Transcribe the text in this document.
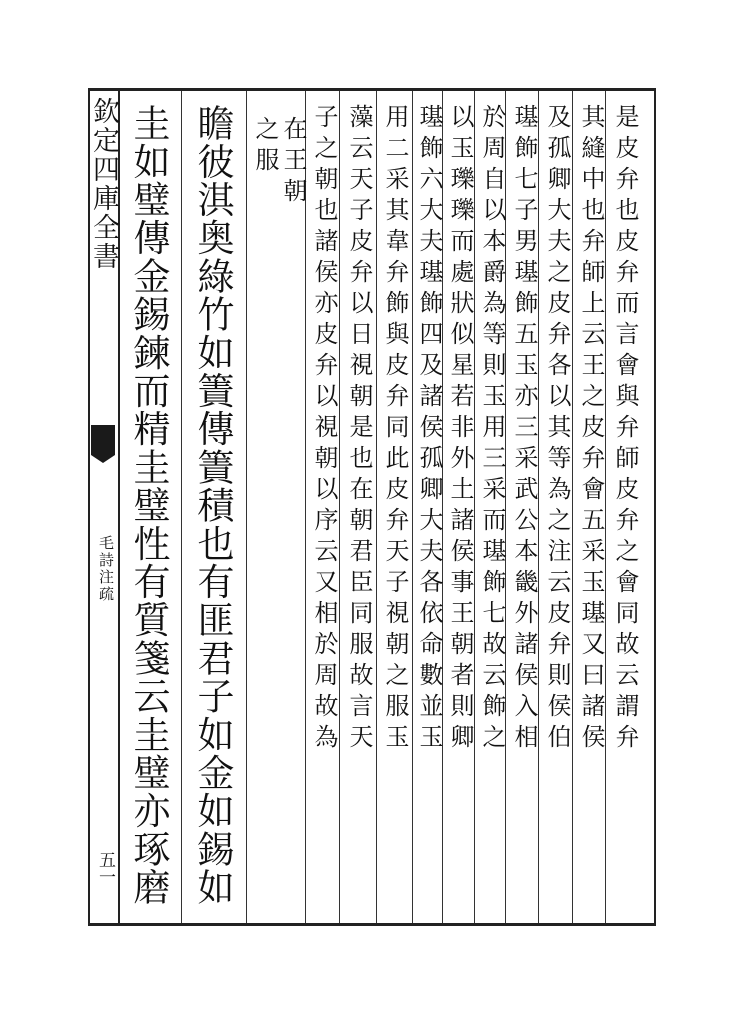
欽定四庫全書
毛詩注疏
五一 圭如璧傳金錫鍊而精圭璧性有質箋云圭璧亦琢磨 瞻彼淇奥綠竹如簀傳簀積也有匪君子如金如錫如 在王朝
之服 子之朝也諸侯亦皮弁以視朝以序云又相於周故為 藻云天子皮弁以日視朝是也在朝君臣同服故言天 用二采其韋弁飾與皮弁同此皮弁天子視朝之服玉 璂飾六大夫璂飾四及諸侯孤卿大夫各依命數並玉 以玉瓅瓅而處狀似星若非外土諸侯事王朝者則卿 於周自以本爵為等則玉用三采而璂飾七故云飾之 璂飾七子男璂飾五玉亦三采武公本畿外諸侯入相 及孤卿大夫之皮弁各以其等為之注云皮弁則侯伯 其縫中也弁師上云王之皮弁會五采玉璂又曰諸侯 是皮弁也皮弁而言會與弁師皮弁之會同故云謂弁
